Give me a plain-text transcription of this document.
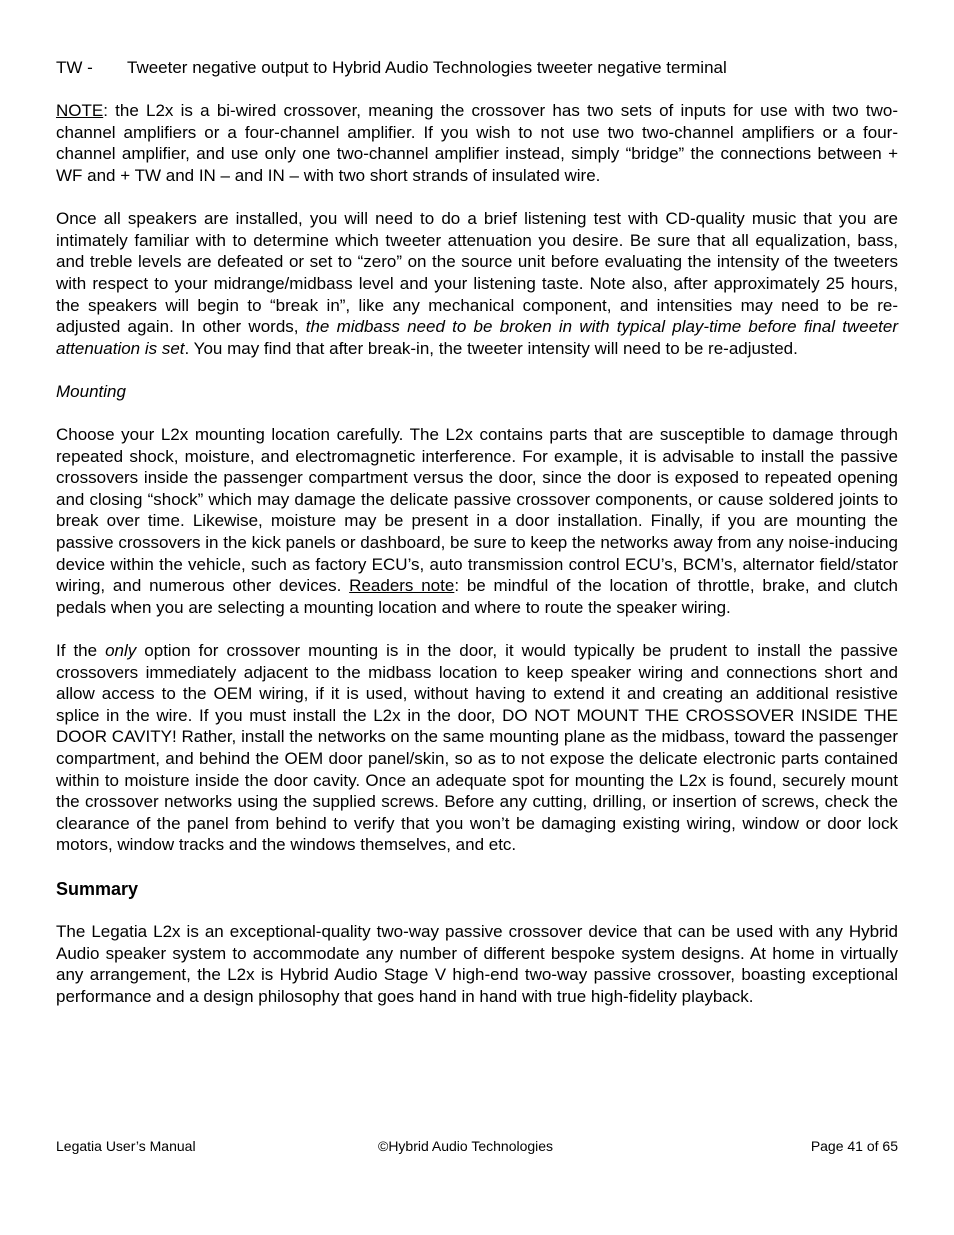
TW -	Tweeter negative output to Hybrid Audio Technologies tweeter negative terminal

NOTE: the L2x is a bi-wired crossover, meaning the crossover has two sets of inputs for use with two two-channel amplifiers or a four-channel amplifier. If you wish to not use two two-channel amplifiers or a four-channel amplifier, and use only one two-channel amplifier instead, simply “bridge” the connections between + WF and + TW and IN – and IN – with two short strands of insulated wire.

Once all speakers are installed, you will need to do a brief listening test with CD-quality music that you are intimately familiar with to determine which tweeter attenuation you desire. Be sure that all equalization, bass, and treble levels are defeated or set to “zero” on the source unit before evaluating the intensity of the tweeters with respect to your midrange/midbass level and your listening taste. Note also, after approximately 25 hours, the speakers will begin to “break in”, like any mechanical component, and intensities may need to be re-adjusted again. In other words, the midbass need to be broken in with typical play-time before final tweeter attenuation is set. You may find that after break-in, the tweeter intensity will need to be re-adjusted.

Mounting

Choose your L2x mounting location carefully. The L2x contains parts that are susceptible to damage through repeated shock, moisture, and electromagnetic interference. For example, it is advisable to install the passive crossovers inside the passenger compartment versus the door, since the door is exposed to repeated opening and closing “shock” which may damage the delicate passive crossover components, or cause soldered joints to break over time. Likewise, moisture may be present in a door installation. Finally, if you are mounting the passive crossovers in the kick panels or dashboard, be sure to keep the networks away from any noise-inducing device within the vehicle, such as factory ECU’s, auto transmission control ECU’s, BCM’s, alternator field/stator wiring, and numerous other devices. Readers note: be mindful of the location of throttle, brake, and clutch pedals when you are selecting a mounting location and where to route the speaker wiring.

If the only option for crossover mounting is in the door, it would typically be prudent to install the passive crossovers immediately adjacent to the midbass location to keep speaker wiring and connections short and allow access to the OEM wiring, if it is used, without having to extend it and creating an additional resistive splice in the wire. If you must install the L2x in the door, DO NOT MOUNT THE CROSSOVER INSIDE THE DOOR CAVITY! Rather, install the networks on the same mounting plane as the midbass, toward the passenger compartment, and behind the OEM door panel/skin, so as to not expose the delicate electronic parts contained within to moisture inside the door cavity. Once an adequate spot for mounting the L2x is found, securely mount the crossover networks using the supplied screws. Before any cutting, drilling, or insertion of screws, check the clearance of the panel from behind to verify that you won’t be damaging existing wiring, window or door lock motors, window tracks and the windows themselves, and etc.

Summary

The Legatia L2x is an exceptional-quality two-way passive crossover device that can be used with any Hybrid Audio speaker system to accommodate any number of different bespoke system designs. At home in virtually any arrangement, the L2x is Hybrid Audio Stage V high-end two-way passive crossover, boasting exceptional performance and a design philosophy that goes hand in hand with true high-fidelity playback.

Legatia User’s Manual	©Hybrid Audio Technologies	Page 41 of 65
